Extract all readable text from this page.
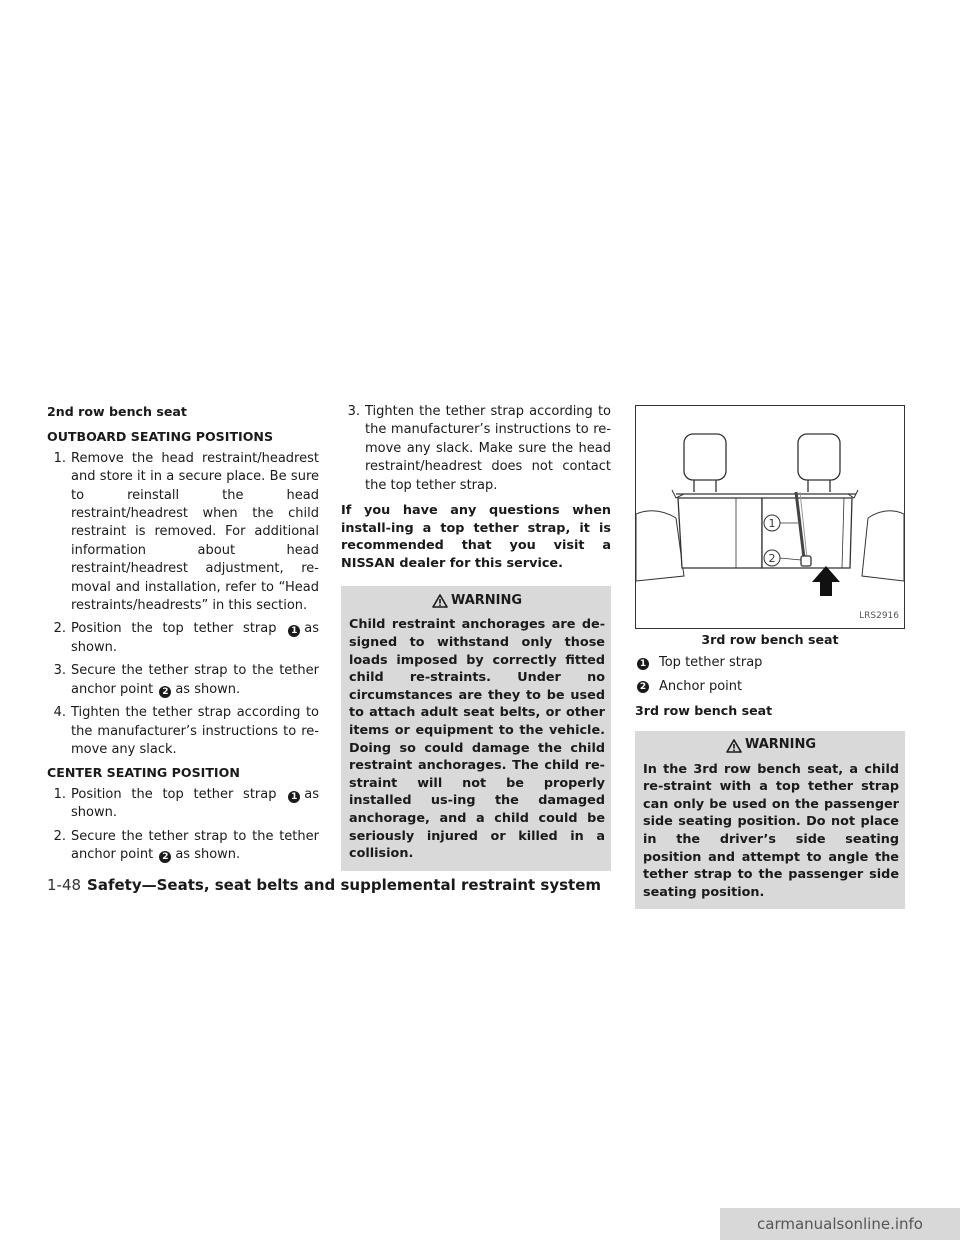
2nd row bench seat
OUTBOARD SEATING POSITIONS
1. Remove the head restraint/headrest and store it in a secure place. Be sure to reinstall the head restraint/headrest when the child restraint is removed. For additional information about head restraint/headrest adjustment, re-moval and installation, refer to “Head restraints/headrests” in this section.
2. Position the top tether strap 1 as shown.
3. Secure the tether strap to the tether anchor point 2 as shown.
4. Tighten the tether strap according to the manufacturer’s instructions to re-move any slack.
CENTER SEATING POSITION
1. Position the top tether strap 1 as shown.
2. Secure the tether strap to the tether anchor point 2 as shown.
3. Tighten the tether strap according to the manufacturer’s instructions to re-move any slack. Make sure the head restraint/headrest does not contact the top tether strap.
If you have any questions when install-ing a top tether strap, it is recommended that you visit a NISSAN dealer for this service.
WARNING
Child restraint anchorages are de-signed to withstand only those loads imposed by correctly fitted child re-straints. Under no circumstances are they to be used to attach adult seat belts, or other items or equipment to the vehicle. Doing so could damage the child restraint anchorages. The child re-straint will not be properly installed us-ing the damaged anchorage, and a child could be seriously injured or killed in a collision.
1
2
LRS2916
3rd row bench seat
1 Top tether strap
2 Anchor point
3rd row bench seat
WARNING
In the 3rd row bench seat, a child re-straint with a top tether strap can only be used on the passenger side seating position. Do not place in the driver’s side seating position and attempt to angle the tether strap to the passenger side seating position.
1-48 Safety—Seats, seat belts and supplemental restraint system
carmanualsonline.info
